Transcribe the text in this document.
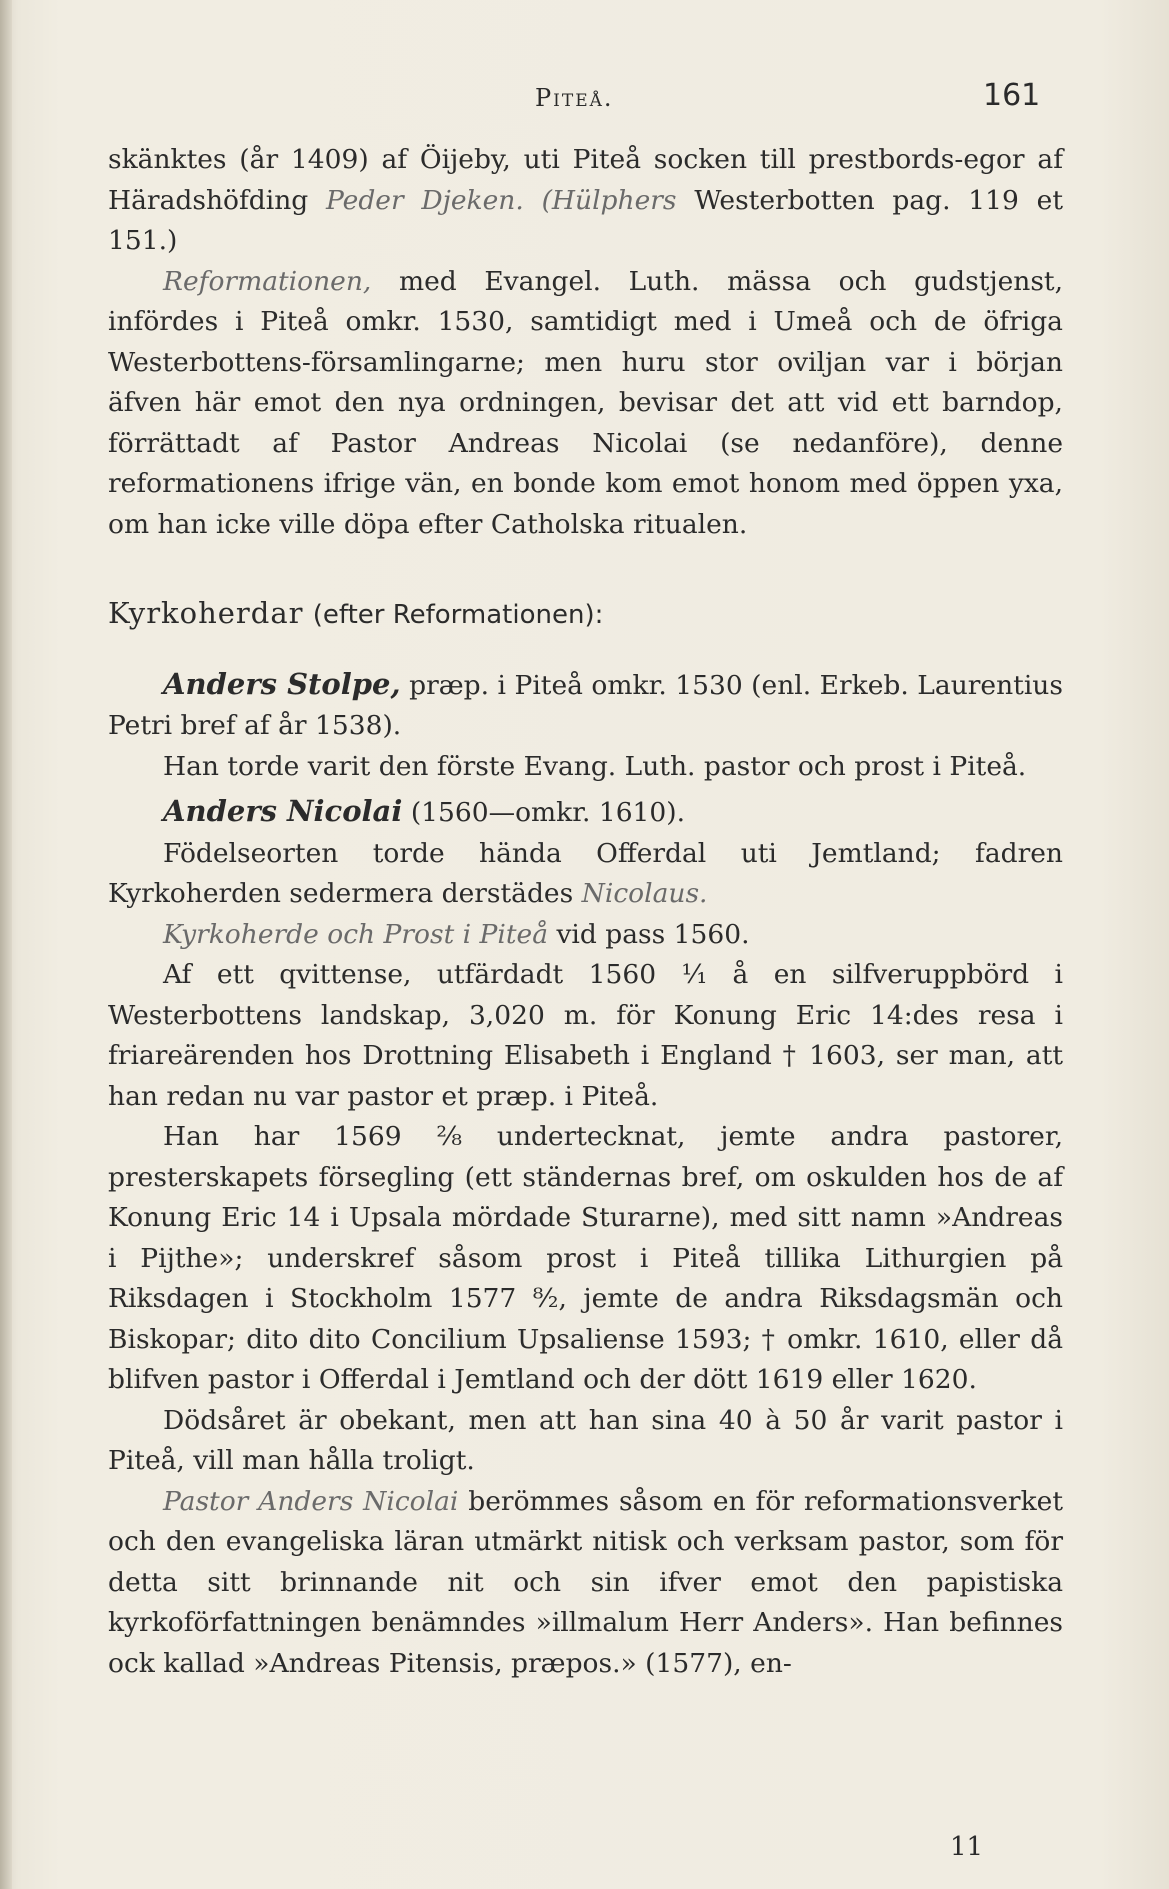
Piteå.	161

skänktes (år 1409) af Öijeby, uti Piteå socken till prestbords-egor af Häradshöfding Peder Djeken. (Hülphers Westerbotten pag. 119 et 151.)

Reformationen, med Evangel. Luth. mässa och gudstjenst, infördes i Piteå omkr. 1530, samtidigt med i Umeå och de öfriga Westerbottens-församlingarne; men huru stor oviljan var i början äfven här emot den nya ordningen, bevisar det att vid ett barndop, förrättadt af Pastor Andreas Nicolai (se nedanföre), denne reformationens ifrige vän, en bonde kom emot honom med öppen yxa, om han icke ville döpa efter Catholska ritualen.

Kyrkoherdar (efter Reformationen):

Anders Stolpe, præp. i Piteå omkr. 1530 (enl. Erkeb. Laurentius Petri bref af år 1538).

Han torde varit den förste Evang. Luth. pastor och prost i Piteå.

Anders Nicolai (1560—omkr. 1610).

Födelseorten torde hända Offerdal uti Jemtland; fadren Kyrkoherden sedermera derstädes Nicolaus.

Kyrkoherde och Prost i Piteå vid pass 1560.

Af ett qvittense, utfärdadt 1560 ¹⁄₁ å en silfveruppbörd i Westerbottens landskap, 3,020 m. för Konung Eric 14:des resa i friareärenden hos Drottning Elisabeth i England † 1603, ser man, att han redan nu var pastor et præp. i Piteå.

Han har 1569 ²⁄₈ undertecknat, jemte andra pastorer, presterskapets försegling (ett ständernas bref, om oskulden hos de af Konung Eric 14 i Upsala mördade Sturarne), med sitt namn »Andreas i Pijthe»; underskref såsom prost i Piteå tillika Lithurgien på Riksdagen i Stockholm 1577 ⁸⁄₂, jemte de andra Riksdagsmän och Biskopar; dito dito Concilium Upsaliense 1593; † omkr. 1610, eller då blifven pastor i Offerdal i Jemtland och der dött 1619 eller 1620.

Dödsåret är obekant, men att han sina 40 à 50 år varit pastor i Piteå, vill man hålla troligt.

Pastor Anders Nicolai berömmes såsom en för reformationsverket och den evangeliska läran utmärkt nitisk och verksam pastor, som för detta sitt brinnande nit och sin ifver emot den papistiska kyrkoförfattningen benämndes »illmalum Herr Anders». Han befinnes ock kallad »Andreas Pitensis, præpos.» (1577), en-

11
